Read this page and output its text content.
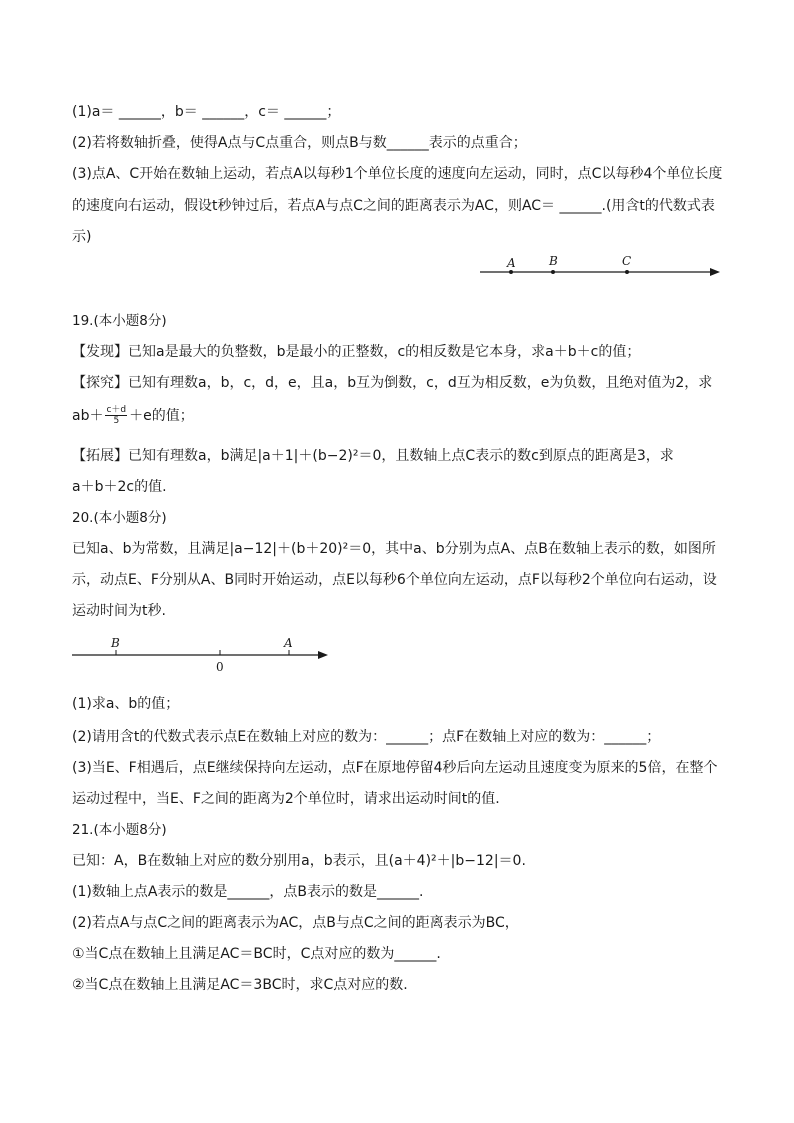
(1)a＝ ______，b＝ ______，c＝ ______；
(2)若将数轴折叠，使得A点与C点重合，则点B与数______表示的点重合；
(3)点A、C开始在数轴上运动，若点A以每秒1个单位长度的速度向左运动，同时，点C以每秒4个单位长度
的速度向右运动，假设t秒钟过后，若点A与点C之间的距离表示为AC，则AC＝ ______.(用含t的代数式表
示)
A	B	C
19.(本小题8分)
【发现】已知a是最大的负整数，b是最小的正整数，c的相反数是它本身，求a＋b＋c的值；
【探究】已知有理数a，b，c，d，e，且a，b互为倒数，c，d互为相反数，e为负数，且绝对值为2，求
$ab+ \frac{c+d}{5} +e$的值；
【拓展】已知有理数a，b满足|a＋1|＋(b−2)²＝0，且数轴上点C表示的数c到原点的距离是3，求
a＋b＋2c的值.
20.(本小题8分)
已知a、b为常数，且满足|a−12|＋(b＋20)²＝0，其中a、b分别为点A、点B在数轴上表示的数，如图所
示，动点E、F分别从A、B同时开始运动，点E以每秒6个单位向左运动，点F以每秒2个单位向右运动，设
运动时间为t秒.
B
0
A
(1)求a、b的值；
(2)请用含t的代数式表示点E在数轴上对应的数为：______；点F在数轴上对应的数为：______；
(3)当E、F相遇后，点E继续保持向左运动，点F在原地停留4秒后向左运动且速度变为原来的5倍，在整个
运动过程中，当E、F之间的距离为2个单位时，请求出运动时间t的值.
21.(本小题8分)
已知：A，B在数轴上对应的数分别用a，b表示，且(a＋4)²＋|b−12|＝0.
(1)数轴上点A表示的数是______，点B表示的数是______.
(2)若点A与点C之间的距离表示为AC，点B与点C之间的距离表示为BC，
①当C点在数轴上且满足AC＝BC时，C点对应的数为______.
②当C点在数轴上且满足AC＝3BC时，求C点对应的数.
